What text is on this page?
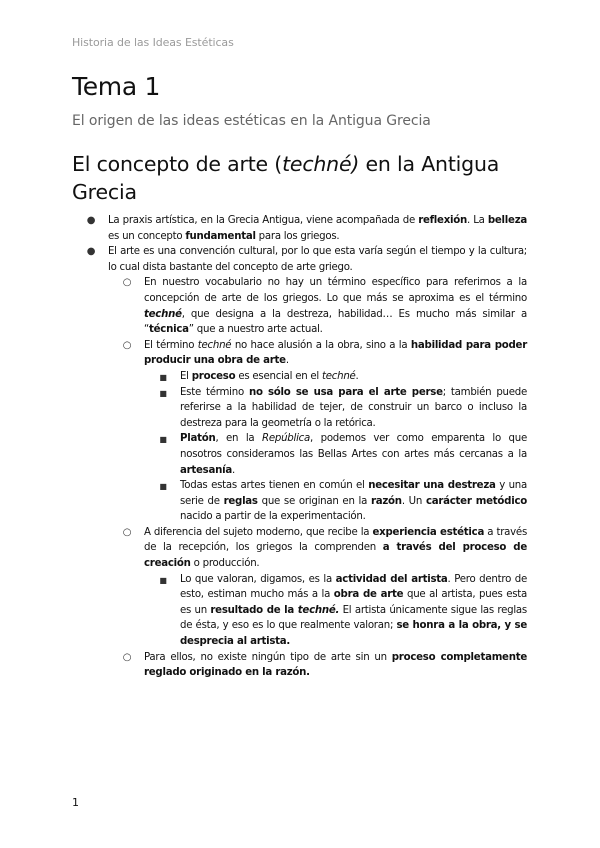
Historia de las Ideas Estéticas
Tema 1
El origen de las ideas estéticas en la Antigua Grecia
El concepto de arte (techné) en la Antigua Grecia
● La praxis artística, en la Grecia Antigua, viene acompañada de reflexión. La belleza es un concepto fundamental para los griegos.
● El arte es una convención cultural, por lo que esta varía según el tiempo y la cultura; lo cual dista bastante del concepto de arte griego.
○ En nuestro vocabulario no hay un término específico para referirnos a la concepción de arte de los griegos. Lo que más se aproxima es el término techné, que designa a la destreza, habilidad… Es mucho más similar a “técnica” que a nuestro arte actual.
○ El término techné no hace alusión a la obra, sino a la habilidad para poder producir una obra de arte.
■ El proceso es esencial en el techné.
■ Este término no sólo se usa para el arte perse; también puede referirse a la habilidad de tejer, de construir un barco o incluso la destreza para la geometría o la retórica.
■ Platón, en la República, podemos ver como emparenta lo que nosotros consideramos las Bellas Artes con artes más cercanas a la artesanía.
■ Todas estas artes tienen en común el necesitar una destreza y una serie de reglas que se originan en la razón. Un carácter metódico nacido a partir de la experimentación.
○ A diferencia del sujeto moderno, que recibe la experiencia estética a través de la recepción, los griegos la comprenden a través del proceso de creación o producción.
■ Lo que valoran, digamos, es la actividad del artista. Pero dentro de esto, estiman mucho más a la obra de arte que al artista, pues esta es un resultado de la techné. El artista únicamente sigue las reglas de ésta, y eso es lo que realmente valoran; se honra a la obra, y se desprecia al artista.
○ Para ellos, no existe ningún tipo de arte sin un proceso completamente reglado originado en la razón.
1
